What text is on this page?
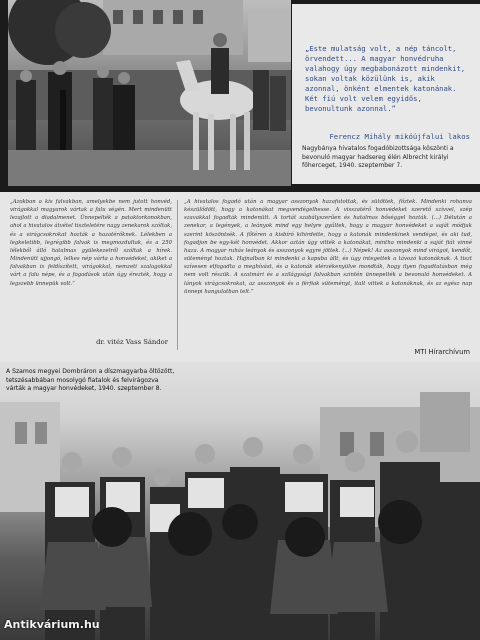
„Este mulatság volt, a nép táncolt, örvendett... A magyar honvédruha valahogy úgy megbabonázott mindenkit, sokan voltak közülünk is, akik azonnal, önként elmentek katonának. Két fiú volt velem egyidős, bevonultunk azonnal.”

Ferencz Mihály mikóújfalui lakos
Nagybánya hivatalos fogadóbizottsága köszönti a bevonuló magyar hadsereg élén Albrecht királyi főherceget, 1940. szeptember 7.
„Azokban a kis falvakban, amelyekbe nem jutott honvéd, virágokkal magyarok vártak a falu végén. Mert mindenütt lezajlott a diadalmenet. Ünnepelték a pataktorkonokban, ahol a hivatalos átvétel tiszteletére nagy zenekarok szóltak, és a virágcsokrokat hozták a hazatérőknek. Lélekben a legkeletibb, legrégibb falvak is megmozdultak, és a 250 lélekből álló hatalmas gyülekezetről szóltak a hírek. Mindenütt ujjongó, lelkes nép várta a honvédeket, akiket a falvakban is feldíszített, virágokkal, nemzeti szalagokkal várt a falu népe, és a fogadások után úgy érezték, hogy a legszebb ünnepük volt.”
dr. vitéz Vass Sándor
„A hivatalos fogadó után a magyar asszonyok hazafutottak, és sütöttek, főztek. Mindenki rohanva készülődött, hogy a katonákat megvendégelhesse. A visszatérő honvédeket szerető szívvel, szép szavakkal fogadták mindenütt. A tortát szabályszerűen és hatalmas bőséggel hozták. (...) Délután a zenekar, a legények, a leányok mind egy helyre gyűltek, hogy a magyar honvédeket a saját módjuk szerint köszöntsék. A főtéren a kisbíró kihirdette, hogy a katonák mindenkinek vendégei, és aki tud, fogadjon be egy-két honvédet. Akkor aztán úgy vitték a katonákat, mintha mindenki a saját fiát vinné haza. A magyar ruhás leányok és asszonyok egyre jöttek. (...) Népek! Az asszonyok mind virágot, kendőt, süteményt hoztak. Hajnalban ki mindenki a kapuba állt, és úgy integettek a távozó katonáknak. A tiszt szívesen elfogadta a meghívást, és a katonák elérzékenyülve mondták, hogy ilyen fogadtatásban még nem volt részük. A szatmári és a szilágysági falvakban szintén ünnepelték a bevonuló honvédeket. A lányok virágcsokrokat, az asszonyok és a férfiak süteményt, italt vittek a katonáknak, és az egész nap ünnepi hangulatban telt.”
MTI Hírarchívum
A Szamos megyei Dombráron a díszmagyarba öltözött, tetszésabbában mosolygó fiatalok és felvirágozva várták a magyar honvédeket, 1940. szeptember 8.
Antikvárium.hu
